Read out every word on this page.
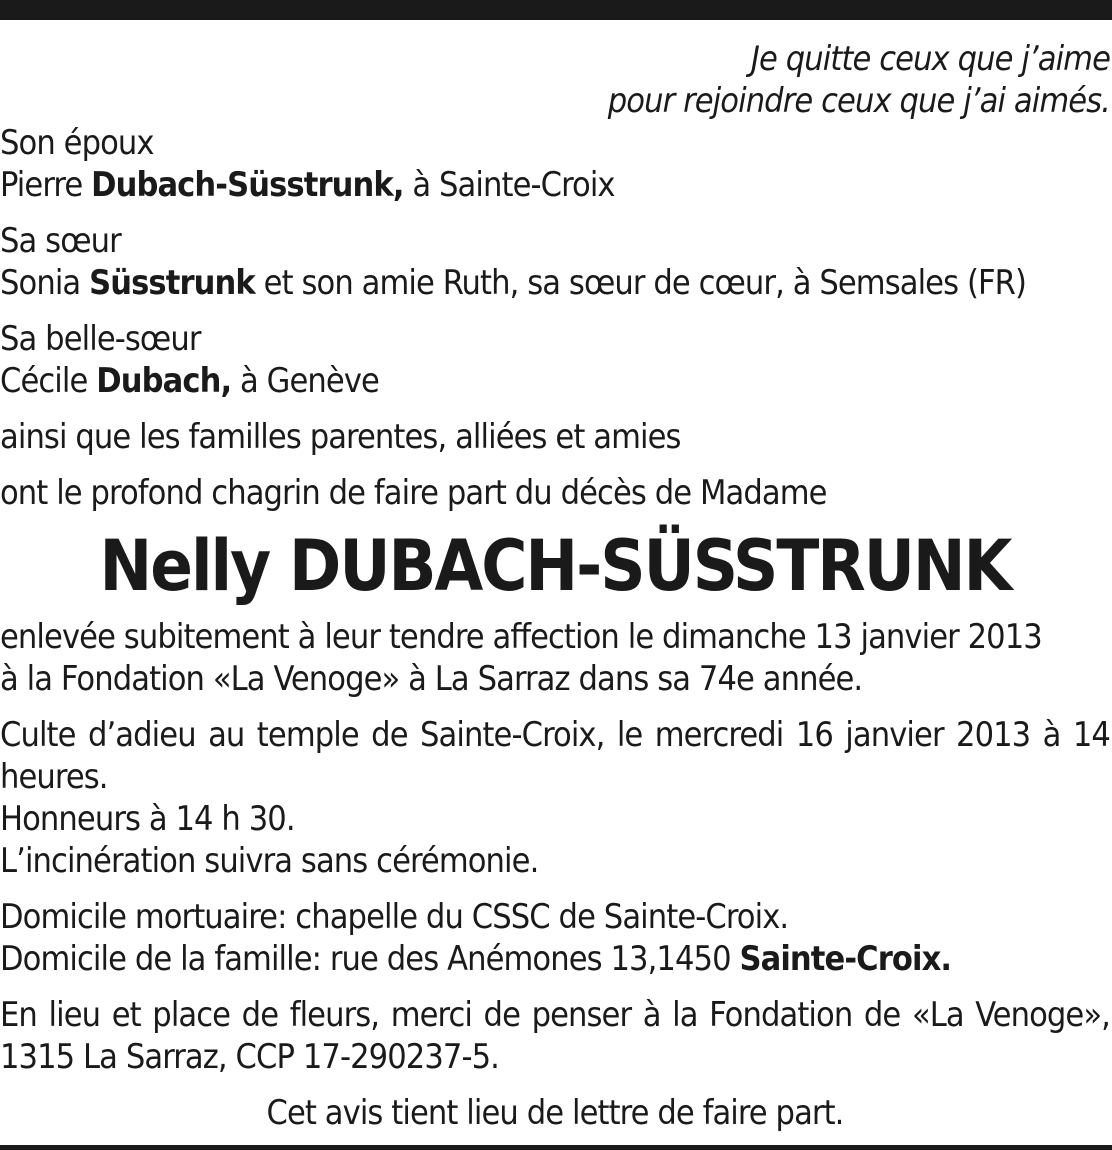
Je quitte ceux que j’aime
pour rejoindre ceux que j’ai aimés.
Son époux
Pierre Dubach-Süsstrunk, à Sainte-Croix
Sa sœur
Sonia Süsstrunk et son amie Ruth, sa sœur de cœur, à Semsales (FR)
Sa belle-sœur
Cécile Dubach, à Genève
ainsi que les familles parentes, alliées et amies
ont le profond chagrin de faire part du décès de Madame
Nelly DUBACH-SÜSSTRUNK
enlevée subitement à leur tendre affection le dimanche 13 janvier 2013
à la Fondation «La Venoge» à La Sarraz dans sa 74e année.
Culte d’adieu au temple de Sainte-Croix, le mercredi 16 janvier 2013 à 14 heures.
Honneurs à 14 h 30.
L’incinération suivra sans cérémonie.
Domicile mortuaire: chapelle du CSSC de Sainte-Croix.
Domicile de la famille: rue des Anémones 13,1450 Sainte-Croix.
En lieu et place de fleurs, merci de penser à la Fondation de «La Venoge», 1315 La Sarraz, CCP 17-290237-5.
Cet avis tient lieu de lettre de faire part.
